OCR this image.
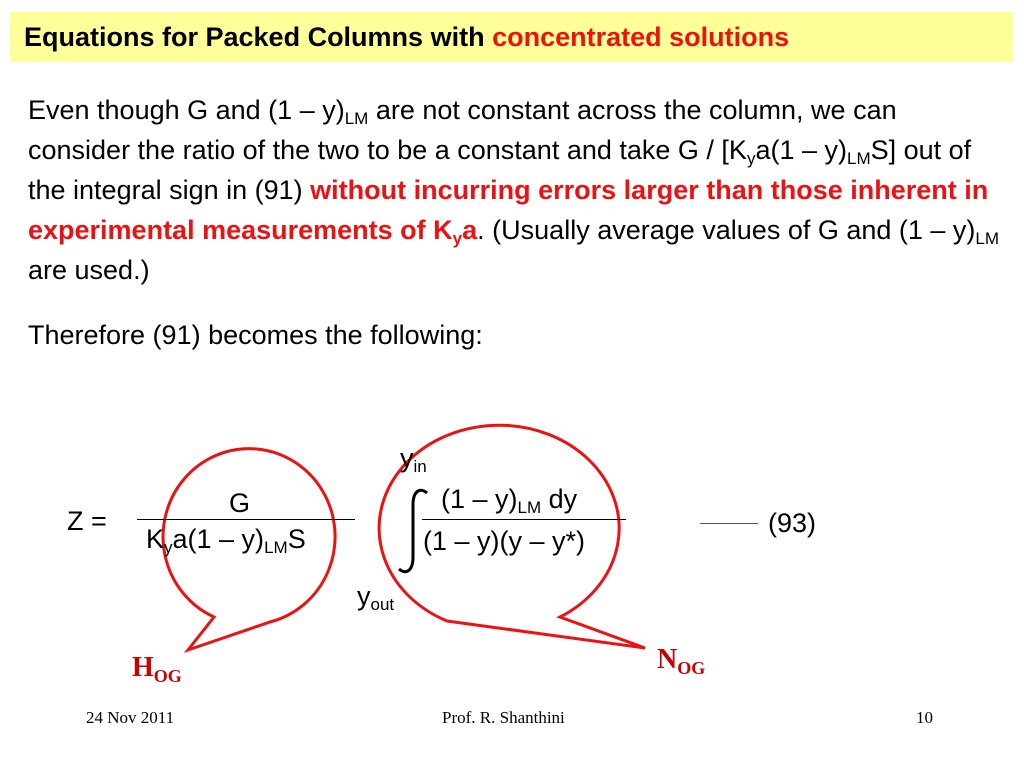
Equations for Packed Columns with concentrated solutions
Even though G and $(1 - y)_{LM}$ are not constant across the column, we can consider the ratio of the two to be a constant and take G / $[K_ya(1 - y)_{LM}S]$ out of the integral sign in (91) without incurring errors larger than those inherent in experimental measurements of $K_ya$. (Usually average values of G and $(1 - y)_{LM}$ are used.)
Therefore (91) becomes the following:
Z =
G
$K_ya(1 - y)_{LM}S$
$y_{in}$
$y_{out}$
$(1 - y)_{LM}$ dy
(1 – y)(y – y*)
(93)
$H_{OG}$
$N_{OG}$
24 Nov 2011	Prof. R. Shanthini	10
